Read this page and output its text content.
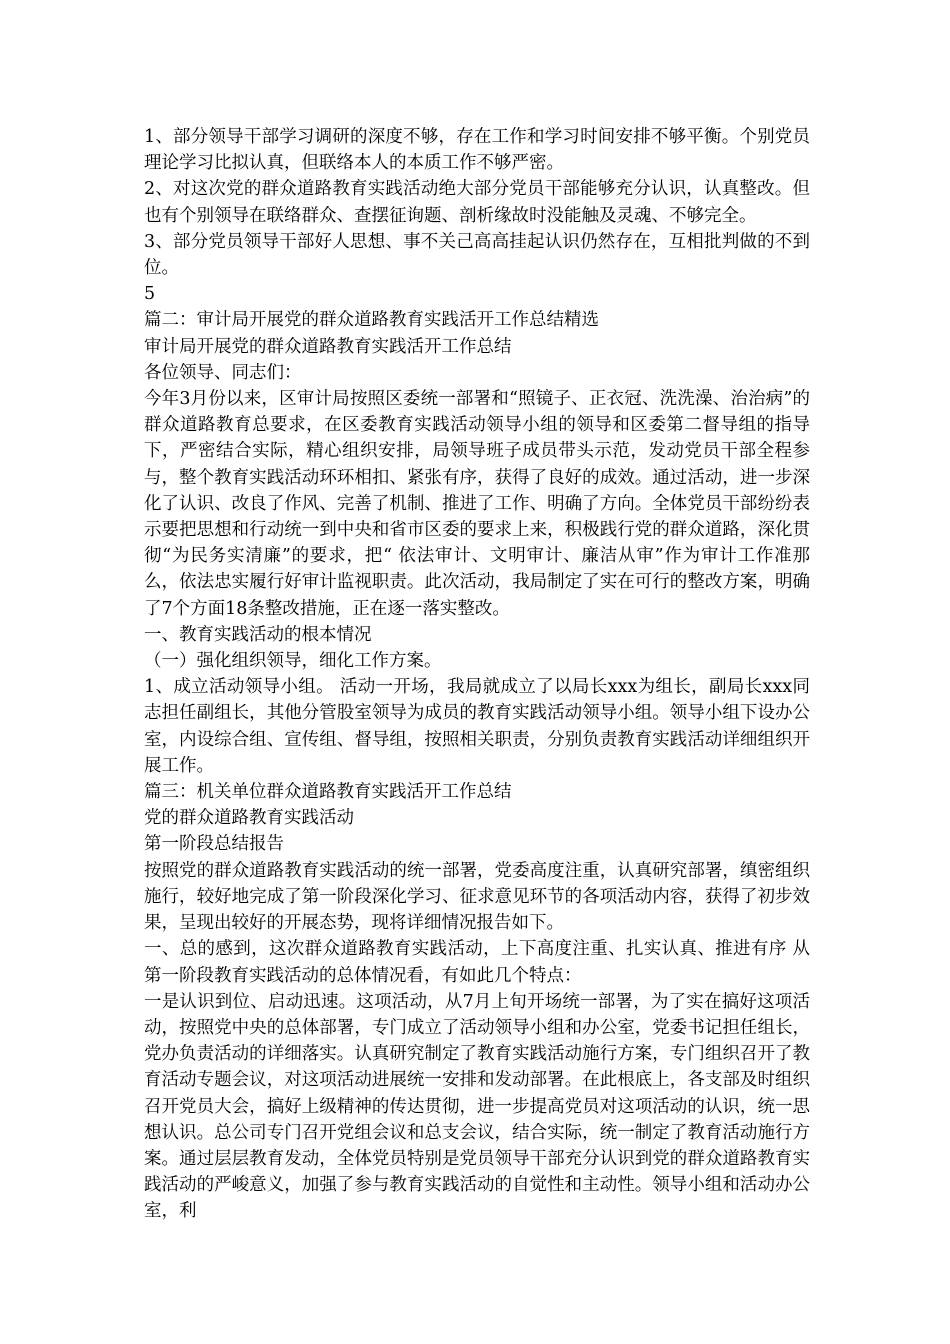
1、部分领导干部学习调研的深度不够，存在工作和学习时间安排不够平衡。个别党员理论学习比拟认真，但联络本人的本质工作不够严密。

2、对这次党的群众道路教育实践活动绝大部分党员干部能够充分认识，认真整改。但也有个别领导在联络群众、查摆征询题、剖析缘故时没能触及灵魂、不够完全。

3、部分党员领导干部好人思想、事不关己高高挂起认识仍然存在，互相批判做的不到位。

5

篇二：审计局开展党的群众道路教育实践活开工作总结精选

审计局开展党的群众道路教育实践活开工作总结

各位领导、同志们：

今年3月份以来，区审计局按照区委统一部署和“照镜子、正衣冠、洗洗澡、治治病”的群众道路教育总要求，在区委教育实践活动领导小组的领导和区委第二督导组的指导下，严密结合实际，精心组织安排，局领导班子成员带头示范，发动党员干部全程参与，整个教育实践活动环环相扣、紧张有序，获得了良好的成效。通过活动，进一步深化了认识、改良了作风、完善了机制、推进了工作、明确了方向。全体党员干部纷纷表示要把思想和行动统一到中央和省市区委的要求上来，积极践行党的群众道路，深化贯彻“为民务实清廉”的要求，把“ 依法审计、文明审计、廉洁从审”作为审计工作准那么，依法忠实履行好审计监视职责。此次活动，我局制定了实在可行的整改方案，明确了7个方面18条整改措施，正在逐一落实整改。

一、教育实践活动的根本情况

（一）强化组织领导，细化工作方案。

1、成立活动领导小组。 活动一开场，我局就成立了以局长xxx为组长，副局长xxx同志担任副组长，其他分管股室领导为成员的教育实践活动领导小组。领导小组下设办公室，内设综合组、宣传组、督导组，按照相关职责，分别负责教育实践活动详细组织开展工作。

篇三：机关单位群众道路教育实践活开工作总结

党的群众道路教育实践活动

第一阶段总结报告

按照党的群众道路教育实践活动的统一部署，党委高度注重，认真研究部署，缜密组织施行，较好地完成了第一阶段深化学习、征求意见环节的各项活动内容，获得了初步效果，呈现出较好的开展态势，现将详细情况报告如下。

一、总的感到，这次群众道路教育实践活动，上下高度注重、扎实认真、推进有序 从第一阶段教育实践活动的总体情况看，有如此几个特点：

一是认识到位、启动迅速。这项活动，从7月上旬开场统一部署，为了实在搞好这项活动，按照党中央的总体部署，专门成立了活动领导小组和办公室，党委书记担任组长，党办负责活动的详细落实。认真研究制定了教育实践活动施行方案，专门组织召开了教育活动专题会议，对这项活动进展统一安排和发动部署。在此根底上，各支部及时组织召开党员大会，搞好上级精神的传达贯彻，进一步提高党员对这项活动的认识，统一思想认识。总公司专门召开党组会议和总支会议，结合实际，统一制定了教育活动施行方案。通过层层教育发动，全体党员特别是党员领导干部充分认识到党的群众道路教育实践活动的严峻意义，加强了参与教育实践活动的自觉性和主动性。领导小组和活动办公室，利
